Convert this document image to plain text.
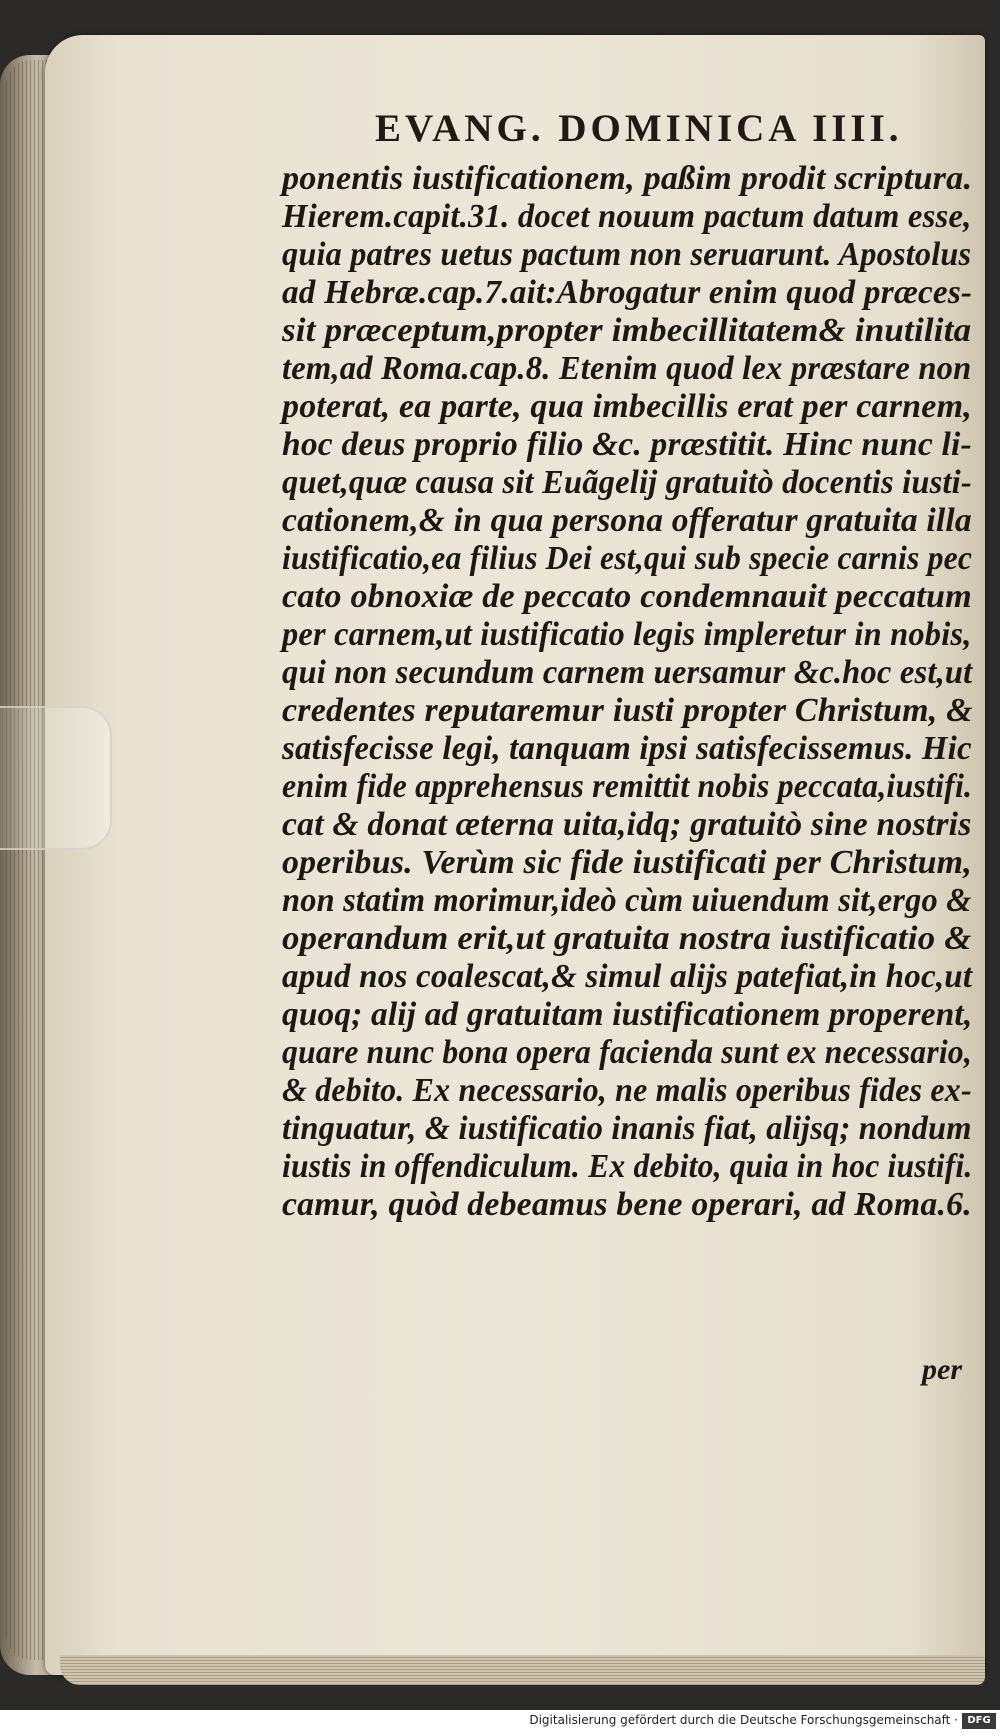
EVANG. DOMINICA IIII.
ponentis iustificationem, paßim prodit scriptura.
Hierem.capit.31. docet nouum pactum datum esse,
quia patres uetus pactum non seruarunt. Apostolus
ad Hebræ.cap.7.ait:Abrogatur enim quod præces-
sit præceptum,propter imbecillitatem& inutilita
tem,ad Roma.cap.8. Etenim quod lex præstare non
poterat, ea parte, qua imbecillis erat per carnem,
hoc deus proprio filio &c. præstitit. Hinc nunc li-
quet,quæ causa sit Euãgelij gratuitò docentis iusti-
cationem,& in qua persona offeratur gratuita illa
iustificatio,ea filius Dei est,qui sub specie carnis pec
cato obnoxiæ de peccato condemnauit peccatum
per carnem,ut iustificatio legis impleretur in nobis,
qui non secundum carnem uersamur &c.hoc est,ut
credentes reputaremur iusti propter Christum, &
satisfecisse legi, tanquam ipsi satisfecissemus. Hic
enim fide apprehensus remittit nobis peccata,iustifi.
cat & donat æterna uita,idq; gratuitò sine nostris
operibus. Verùm sic fide iustificati per Christum,
non statim morimur,ideò cùm uiuendum sit,ergo &
operandum erit,ut gratuita nostra iustificatio &
apud nos coalescat,& simul alijs patefiat,in hoc,ut
quoq; alij ad gratuitam iustificationem properent,
quare nunc bona opera facienda sunt ex necessario,
& debito. Ex necessario, ne malis operibus fides ex-
tinguatur, & iustificatio inanis fiat, alijsq; nondum
iustis in offendiculum. Ex debito, quia in hoc iustifi.
camur, quòd debeamus bene operari, ad Roma.6.
per
Digitalisierung gefördert durch die Deutsche Forschungsgemeinschaft · DFG
